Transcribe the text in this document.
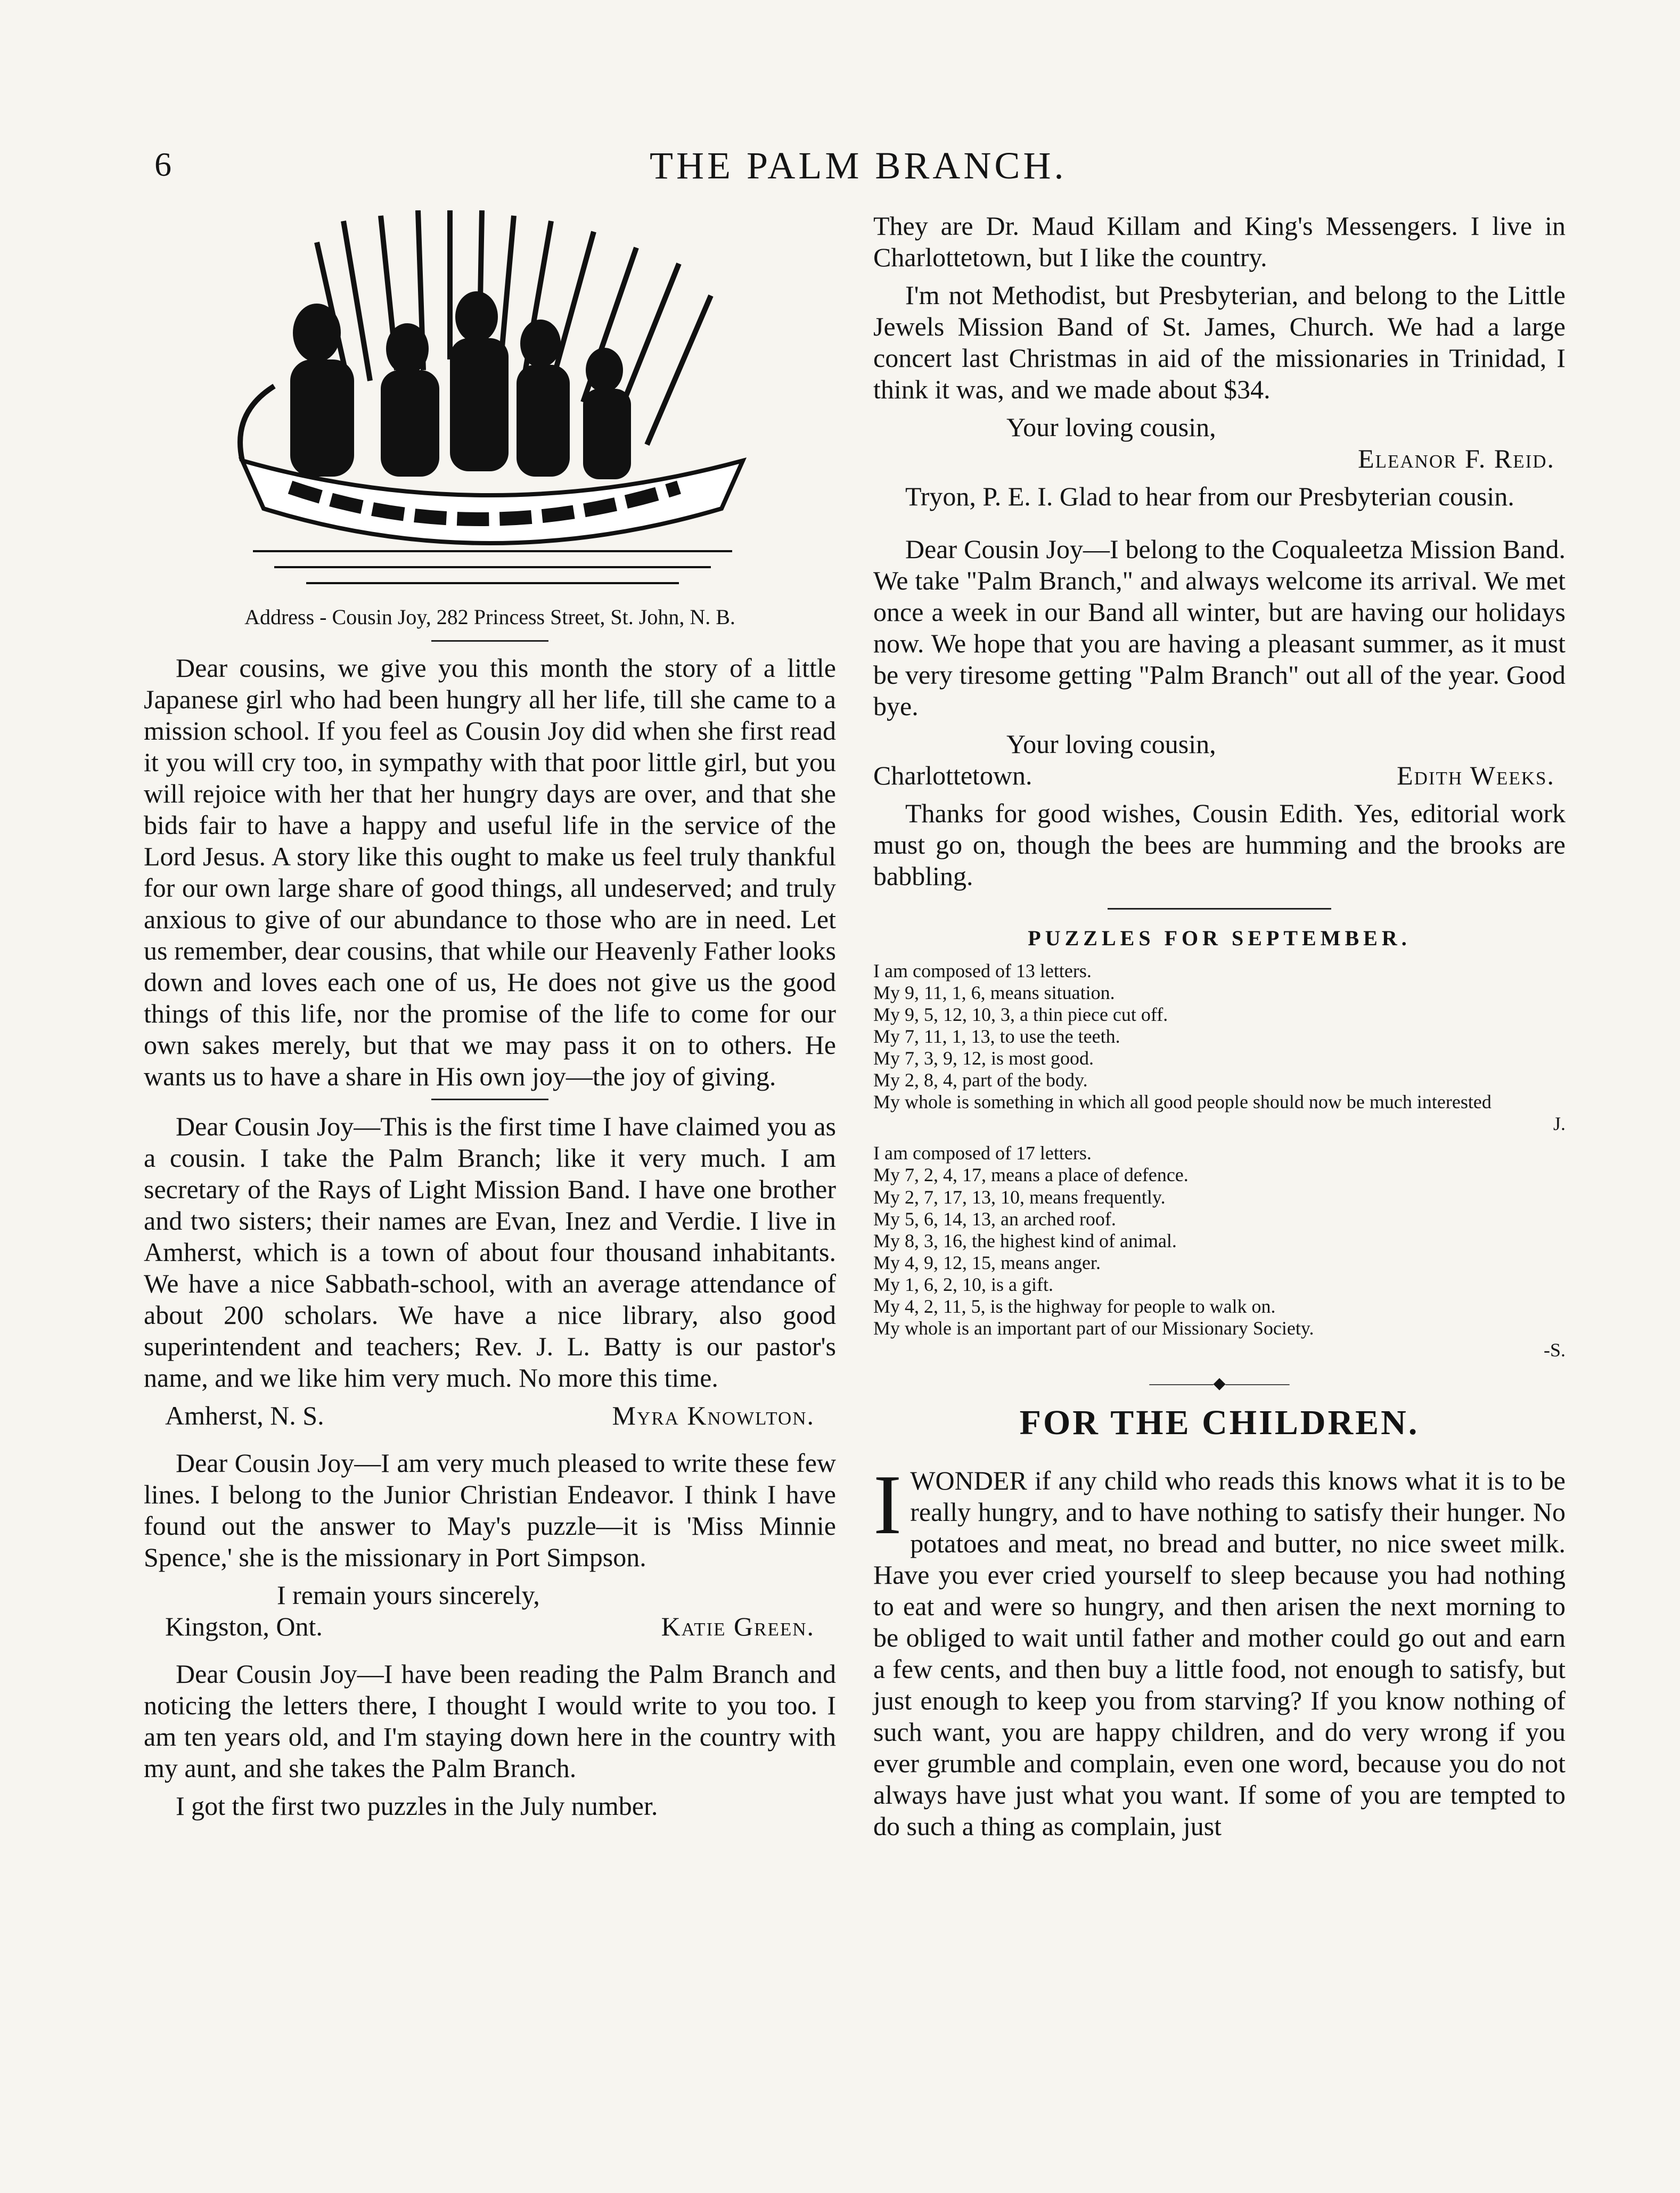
6	THE PALM BRANCH.
Address - Cousin Joy, 282 Princess Street, St. John, N. B.

Dear cousins, we give you this month the story of a little Japanese girl who had been hungry all her life, till she came to a mission school. If you feel as Cousin Joy did when she first read it you will cry too, in sympathy with that poor little girl, but you will rejoice with her that her hungry days are over, and that she bids fair to have a happy and useful life in the service of the Lord Jesus. A story like this ought to make us feel truly thankful for our own large share of good things, all undeserved; and truly anxious to give of our abundance to those who are in need. Let us remember, dear cousins, that while our Heavenly Father looks down and loves each one of us, He does not give us the good things of this life, nor the promise of the life to come for our own sakes merely, but that we may pass it on to others. He wants us to have a share in His own joy—the joy of giving.

Dear Cousin Joy—This is the first time I have claimed you as a cousin. I take the Palm Branch; like it very much. I am secretary of the Rays of Light Mission Band. I have one brother and two sisters; their names are Evan, Inez and Verdie. I live in Amherst, which is a town of about four thousand inhabitants. We have a nice Sabbath-school, with an average attendance of about 200 scholars. We have a nice library, also good superintendent and teachers; Rev. J. L. Batty is our pastor's name, and we like him very much. No more this time.

Amherst, N. S.	Myra Knowlton.

Dear Cousin Joy—I am very much pleased to write these few lines. I belong to the Junior Christian Endeavor. I think I have found out the answer to May's puzzle—it is 'Miss Minnie Spence,' she is the missionary in Port Simpson.

I remain yours sincerely,
Kingston, Ont.	Katie Green.

Dear Cousin Joy—I have been reading the Palm Branch and noticing the letters there, I thought I would write to you too. I am ten years old, and I'm staying down here in the country with my aunt, and she takes the Palm Branch.

I got the first two puzzles in the July number.

They are Dr. Maud Killam and King's Messengers. I live in Charlottetown, but I like the country.

I'm not Methodist, but Presbyterian, and belong to the Little Jewels Mission Band of St. James, Church. We had a large concert last Christmas in aid of the missionaries in Trinidad, I think it was, and we made about $34.

Your loving cousin,
Eleanor F. Reid.

Tryon, P. E. I. Glad to hear from our Presbyterian cousin.

Dear Cousin Joy—I belong to the Coqualeetza Mission Band. We take "Palm Branch," and always welcome its arrival. We met once a week in our Band all winter, but are having our holidays now. We hope that you are having a pleasant summer, as it must be very tiresome getting "Palm Branch" out all of the year. Good bye.

Your loving cousin,
Charlottetown.	Edith Weeks.

Thanks for good wishes, Cousin Edith. Yes, editorial work must go on, though the bees are humming and the brooks are babbling.

PUZZLES FOR SEPTEMBER.
I am composed of 13 letters.
My 9, 11, 1, 6, means situation.
My 9, 5, 12, 10, 3, a thin piece cut off.
My 7, 11, 1, 13, to use the teeth.
My 7, 3, 9, 12, is most good.
My 2, 8, 4, part of the body.
My whole is something in which all good people should now be much interested
J.
I am composed of 17 letters.
My 7, 2, 4, 17, means a place of defence.
My 2, 7, 17, 13, 10, means frequently.
My 5, 6, 14, 13, an arched roof.
My 8, 3, 16, the highest kind of animal.
My 4, 9, 12, 15, means anger.
My 1, 6, 2, 10, is a gift.
My 4, 2, 11, 5, is the highway for people to walk on.
My whole is an important part of our Missionary Society.
-S.
————◆————
FOR THE CHILDREN.

IWONDER if any child who reads this knows what it is to be really hungry, and to have nothing to satisfy their hunger. No potatoes and meat, no bread and butter, no nice sweet milk. Have you ever cried yourself to sleep because you had nothing to eat and were so hungry, and then arisen the next morning to be obliged to wait until father and mother could go out and earn a few cents, and then buy a little food, not enough to satisfy, but just enough to keep you from starving? If you know nothing of such want, you are happy children, and do very wrong if you ever grumble and complain, even one word, because you do not always have just what you want. If some of you are tempted to do such a thing as complain, just
